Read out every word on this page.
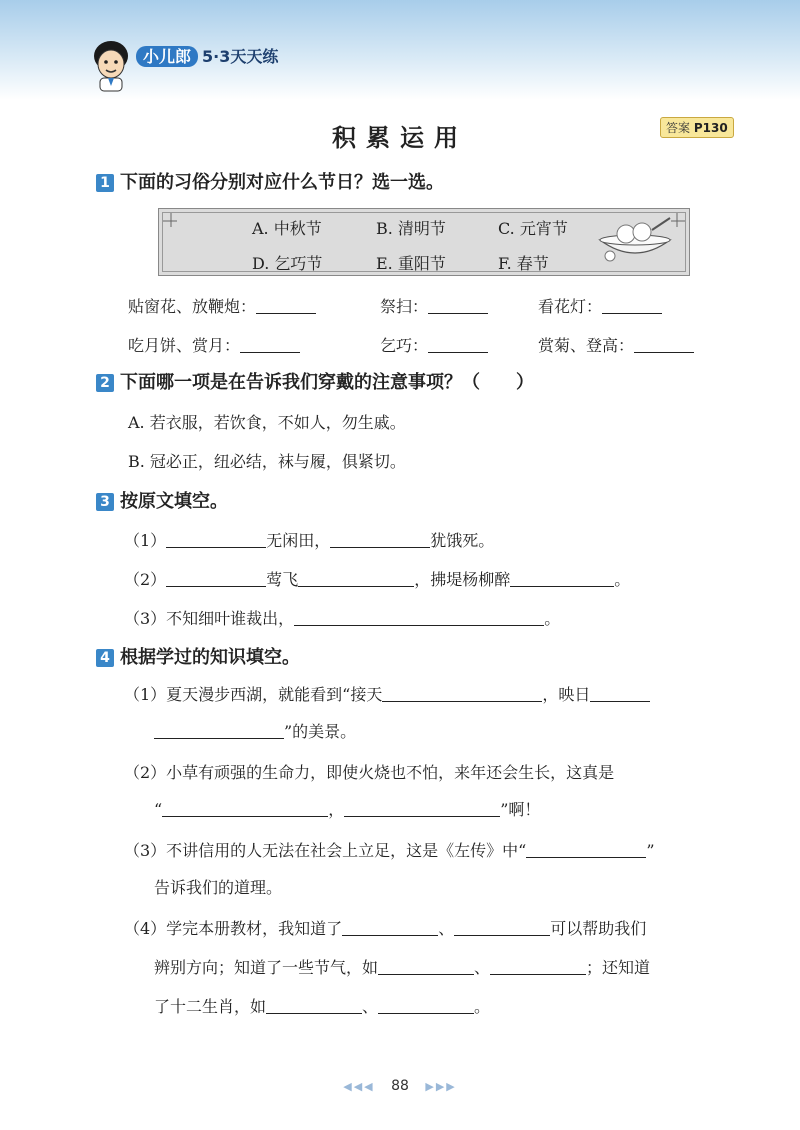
小儿郎 5·3天天练
积累运用	答案 P130
1 下面的习俗分别对应什么节日？选一选。
A. 中秋节	B. 清明节	C. 元宵节
D. 乞巧节	E. 重阳节	F. 春节
贴窗花、放鞭炮：	祭扫：	看花灯：
吃月饼、赏月：	乞巧：	赏菊、登高：
2 下面哪一项是在告诉我们穿戴的注意事项？（　　）
A. 若衣服，若饮食，不如人，勿生戚。
B. 冠必正，纽必结，袜与履，俱紧切。
3 按原文填空。
（1）	无闲田，	犹饿死。
（2）	莺飞	，拂堤杨柳醉	。
（3）不知细叶谁裁出，	。
4 根据学过的知识填空。
（1）夏天漫步西湖，就能看到“接天	，映日
”的美景。
（2）小草有顽强的生命力，即使火烧也不怕，来年还会生长，这真是
“	，	”啊！
（3）不讲信用的人无法在社会上立足，这是《左传》中“	”
告诉我们的道理。
（4）学完本册教材，我知道了	、	可以帮助我们
辨别方向；知道了一些节气，如	、	；还知道
了十二生肖，如	、	。
◀◀◀ 88 ▶▶▶
